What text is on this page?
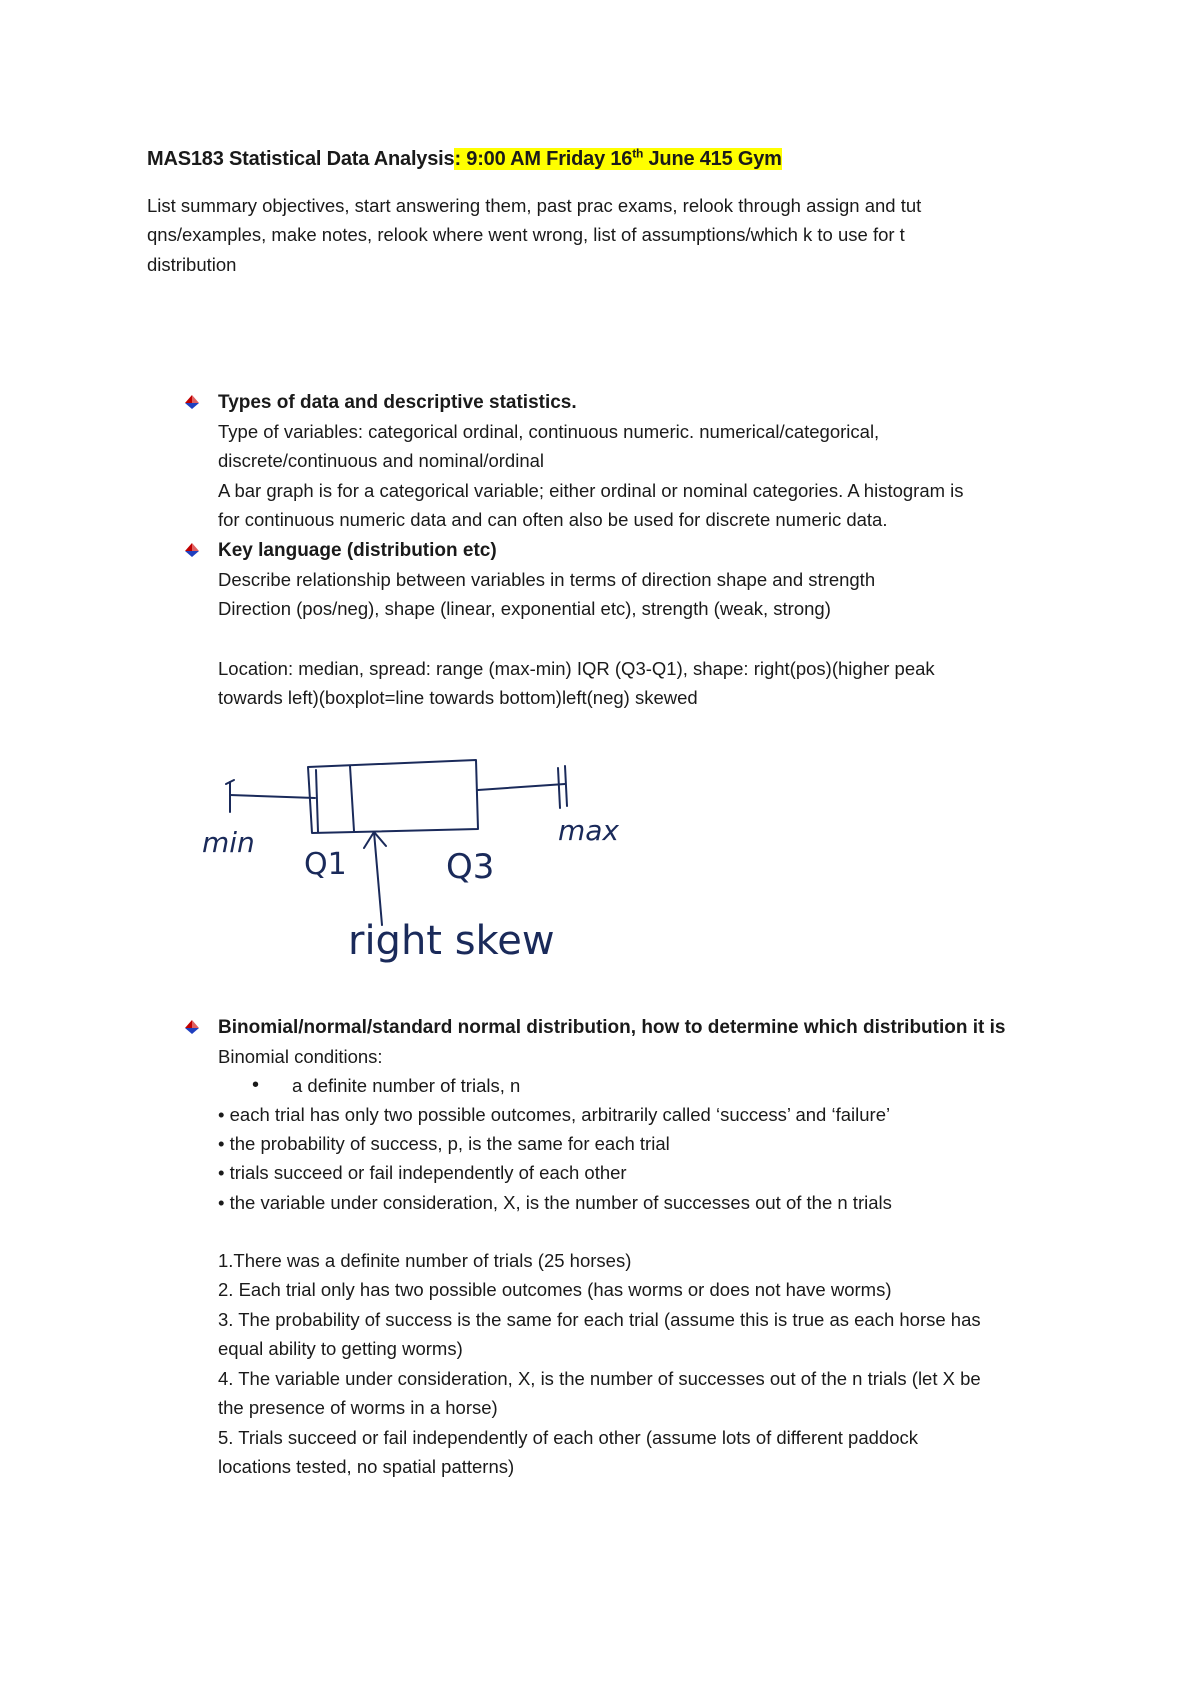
MAS183 Statistical Data Analysis: 9:00 AM Friday 16th June 415 Gym
List summary objectives, start answering them, past prac exams, relook through assign and tut
qns/examples, make notes, relook where went wrong, list of assumptions/which k to use for t
distribution
Types of data and descriptive statistics.
Type of variables: categorical ordinal, continuous numeric. numerical/categorical,
discrete/continuous and nominal/ordinal
A bar graph is for a categorical variable; either ordinal or nominal categories. A histogram is
for continuous numeric data and can often also be used for discrete numeric data.
Key language (distribution etc)
Describe relationship between variables in terms of direction shape and strength
Direction (pos/neg), shape (linear, exponential etc), strength (weak, strong)
Location: median, spread: range (max-min) IQR (Q3-Q1), shape: right(pos)(higher peak
towards left)(boxplot=line towards bottom)left(neg) skewed
min
Q1	Q3
max
right skew
Binomial/normal/standard normal distribution, how to determine which distribution it is
Binomial conditions:
• a definite number of trials, n
• each trial has only two possible outcomes, arbitrarily called ‘success’ and ‘failure’
• the probability of success, p, is the same for each trial
• trials succeed or fail independently of each other
• the variable under consideration, X, is the number of successes out of the n trials
1.There was a definite number of trials (25 horses)
2. Each trial only has two possible outcomes (has worms or does not have worms)
3. The probability of success is the same for each trial (assume this is true as each horse has
equal ability to getting worms)
4. The variable under consideration, X, is the number of successes out of the n trials (let X be
the presence of worms in a horse)
5. Trials succeed or fail independently of each other (assume lots of different paddock
locations tested, no spatial patterns)
